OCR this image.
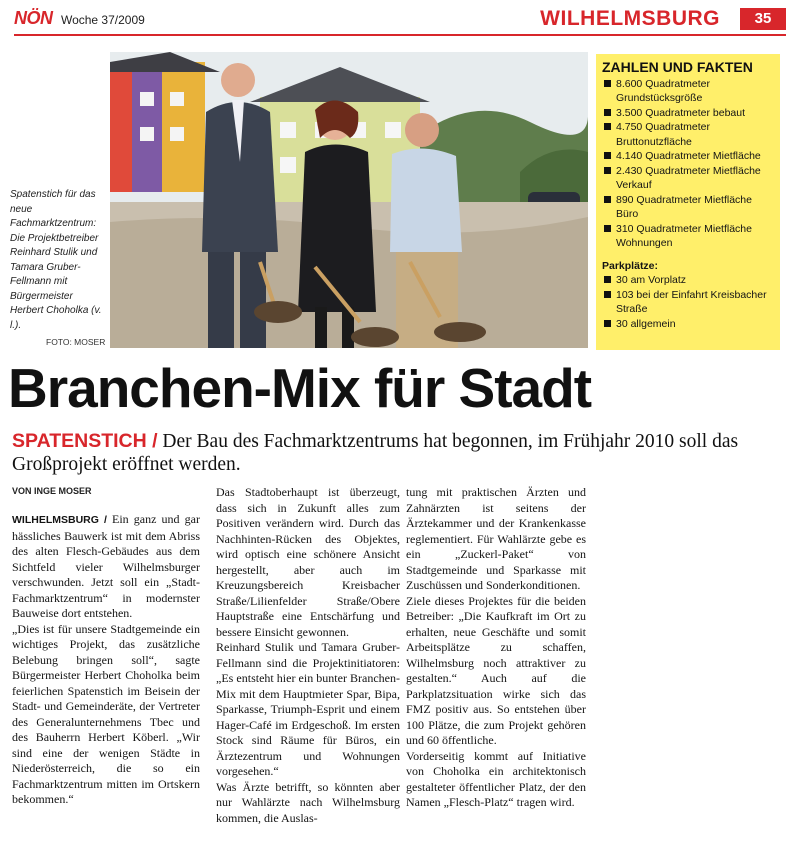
NÖN Woche 37/2009	WILHELMSBURG	35
Spatenstich für das neue Fachmarktzentrum: Die Projektbetreiber Reinhard Stulik und Tamara Gruber-Fellmann mit Bürgermeister Herbert Choholka (v. l.).
FOTO: MOSER
ZAHLEN UND FAKTEN
8.600 Quadratmeter Grundstücksgröße
3.500 Quadratmeter bebaut
4.750 Quadratmeter Bruttonutzfläche
4.140 Quadratmeter Mietfläche
2.430 Quadratmeter Mietfläche Verkauf
890 Quadratmeter Mietfläche Büro
310 Quadratmeter Mietfläche Wohnungen
Parkplätze:
30 am Vorplatz
103 bei der Einfahrt Kreisbacher Straße
30 allgemein
Branchen-Mix für Stadt
SPATENSTICH / Der Bau des Fachmarktzentrums hat begonnen, im Frühjahr 2010 soll das Großprojekt eröffnet werden.
VON INGE MOSER

WILHELMSBURG / Ein ganz und gar hässliches Bauwerk ist mit dem Abriss des alten Flesch-Gebäudes aus dem Sichtfeld vieler Wilhelmsburger verschwunden. Jetzt soll ein „Stadt-Fachmarktzentrum“ in modernster Bauweise dort entstehen.

„Dies ist für unsere Stadtgemeinde ein wichtiges Projekt, das zusätzliche Belebung bringen soll“, sagte Bürgermeister Herbert Choholka beim feierlichen Spatenstich im Beisein der Stadt- und Gemeinderäte, der Vertreter des Generalunternehmens Tbec und des Bauherrn Herbert Köberl. „Wir sind eine der wenigen Städte in Niederösterreich, die so ein Fachmarktzentrum mitten im Ortskern bekommen.“

Das Stadtoberhaupt ist überzeugt, dass sich in Zukunft alles zum Positiven verändern wird. Durch das Nachhinten-Rücken des Objektes, wird optisch eine schönere Ansicht hergestellt, aber auch im Kreuzungsbereich Kreisbacher Straße/Lilienfelder Straße/Obere Hauptstraße eine Entschärfung und bessere Einsicht gewonnen.

Reinhard Stulik und Tamara Gruber-Fellmann sind die Projektinitiatoren: „Es entsteht hier ein bunter Branchen-Mix mit dem Hauptmieter Spar, Bipa, Sparkasse, Triumph-Esprit und einem Hager-Café im Erdgeschoß. Im ersten Stock sind Räume für Büros, ein Ärztezentrum und Wohnungen vorgesehen.“

Was Ärzte betrifft, so könnten aber nur Wahlärzte nach Wilhelmsburg kommen, die Auslas-

tung mit praktischen Ärzten und Zahnärzten ist seitens der Ärztekammer und der Krankenkasse reglementiert. Für Wahlärzte gebe es ein „Zuckerl-Paket“ von Stadtgemeinde und Sparkasse mit Zuschüssen und Sonderkonditionen.

Ziele dieses Projektes für die beiden Betreiber: „Die Kaufkraft im Ort zu erhalten, neue Geschäfte und somit Arbeitsplätze zu schaffen, Wilhelmsburg noch attraktiver zu gestalten.“ Auch auf die Parkplatzsituation wirke sich das FMZ positiv aus. So entstehen über 100 Plätze, die zum Projekt gehören und 60 öffentliche.

Vorderseitig kommt auf Initiative von Choholka ein architektonisch gestalteter öffentlicher Platz, der den Namen „Flesch-Platz“ tragen wird.
